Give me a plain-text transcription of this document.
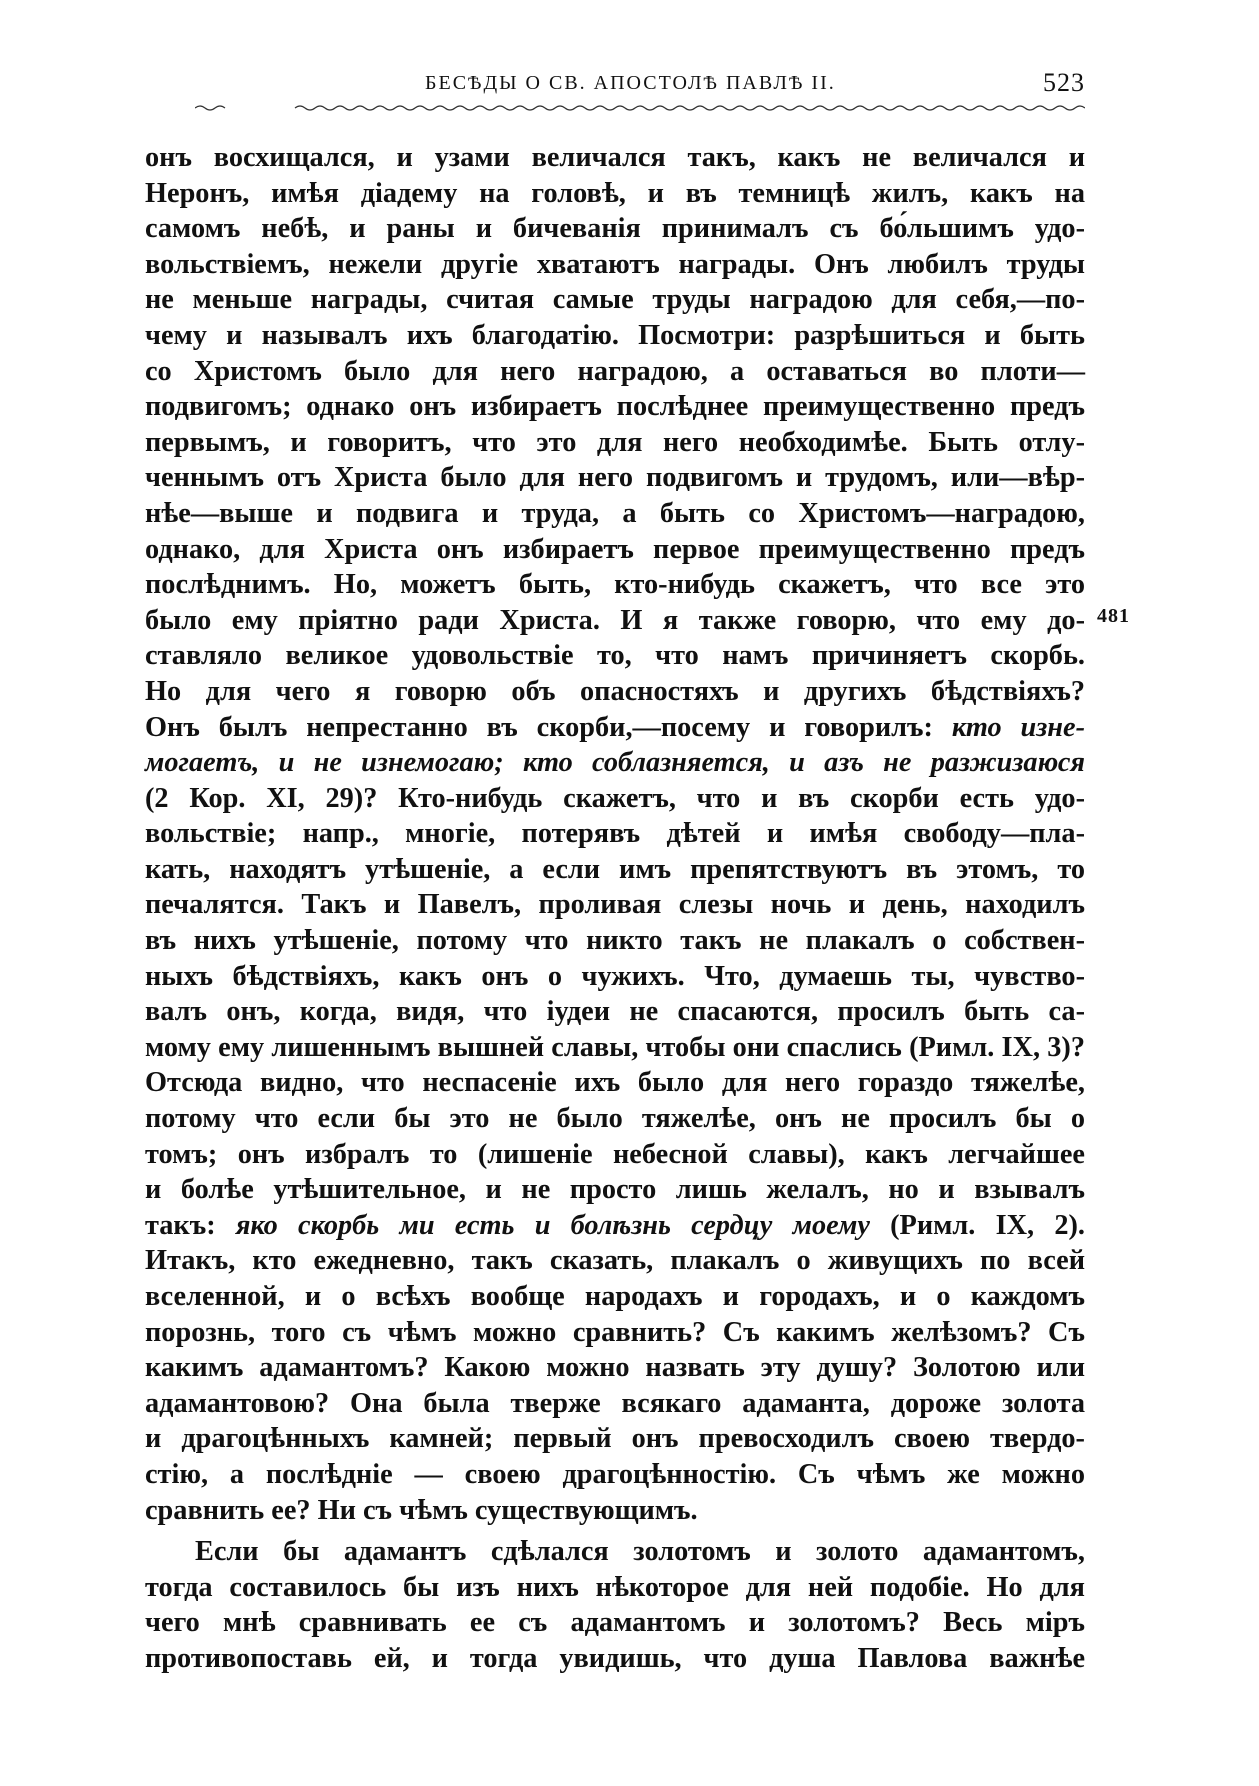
БЕСѢДЫ О СВ. АПОСТОЛѢ ПАВЛѢ II.	523
481
онъ восхищался, и узами величался такъ, какъ не величался и
Неронъ, имѣя діадему на головѣ, и въ темницѣ жилъ, какъ на
самомъ небѣ, и раны и бичеванія принималъ съ бо́льшимъ удо-
вольствіемъ, нежели другіе хватаютъ награды. Онъ любилъ труды
не меньше награды, считая самые труды наградою для себя,—по-
чему и называлъ ихъ благодатію. Посмотри: разрѣшиться и быть
со Христомъ было для него наградою, а оставаться во плоти—
подвигомъ; однако онъ избираетъ послѣднее преимущественно предъ
первымъ, и говоритъ, что это для него необходимѣе. Быть отлу-
ченнымъ отъ Христа было для него подвигомъ и трудомъ, или—вѣр-
нѣе—выше и подвига и труда, а быть со Христомъ—наградою,
однако, для Христа онъ избираетъ первое преимущественно предъ
послѣднимъ. Но, можетъ быть, кто-нибудь скажетъ, что все это
было ему пріятно ради Христа. И я также говорю, что ему до-
ставляло великое удовольствіе то, что намъ причиняетъ скорбь.
Но для чего я говорю объ опасностяхъ и другихъ бѣдствіяхъ?
Онъ былъ непрестанно въ скорби,—посему и говорилъ: кто изне-
могаетъ, и не изнемогаю; кто соблазняется, и азъ не разжизаюся
(2 Кор. XI, 29)? Кто-нибудь скажетъ, что и въ скорби есть удо-
вольствіе; напр., многіе, потерявъ дѣтей и имѣя свободу—пла-
кать, находятъ утѣшеніе, а если имъ препятствуютъ въ этомъ, то
печалятся. Такъ и Павелъ, проливая слезы ночь и день, находилъ
въ нихъ утѣшеніе, потому что никто такъ не плакалъ о собствен-
ныхъ бѣдствіяхъ, какъ онъ о чужихъ. Что, думаешь ты, чувство-
валъ онъ, когда, видя, что іудеи не спасаются, просилъ быть са-
мому ему лишеннымъ вышней славы, чтобы они спаслись (Римл. IX, 3)?
Отсюда видно, что неспасеніе ихъ было для него гораздо тяжелѣе,
потому что если бы это не было тяжелѣе, онъ не просилъ бы о
томъ; онъ избралъ то (лишеніе небесной славы), какъ легчайшее
и болѣе утѣшительное, и не просто лишь желалъ, но и взывалъ
такъ: яко скорбь ми есть и болѣзнь сердцу моему (Римл. IX, 2).
Итакъ, кто ежедневно, такъ сказать, плакалъ о живущихъ по всей
вселенной, и о всѣхъ вообще народахъ и городахъ, и о каждомъ
порознь, того съ чѣмъ можно сравнить? Съ какимъ желѣзомъ? Съ
какимъ адамантомъ? Какою можно назвать эту душу? Золотою или
адамантовою? Она была тверже всякаго адаманта, дороже золота
и драгоцѣнныхъ камней; первый онъ превосходилъ своею твердо-
стію, а послѣдніе — своею драгоцѣнностію. Съ чѣмъ же можно
сравнить ее? Ни съ чѣмъ существующимъ.
Если бы адамантъ сдѣлался золотомъ и золото адамантомъ,
тогда составилось бы изъ нихъ нѣкоторое для ней подобіе. Но для
чего мнѣ сравнивать ее съ адамантомъ и золотомъ? Весь міръ
противопоставь ей, и тогда увидишь, что душа Павлова важнѣе
